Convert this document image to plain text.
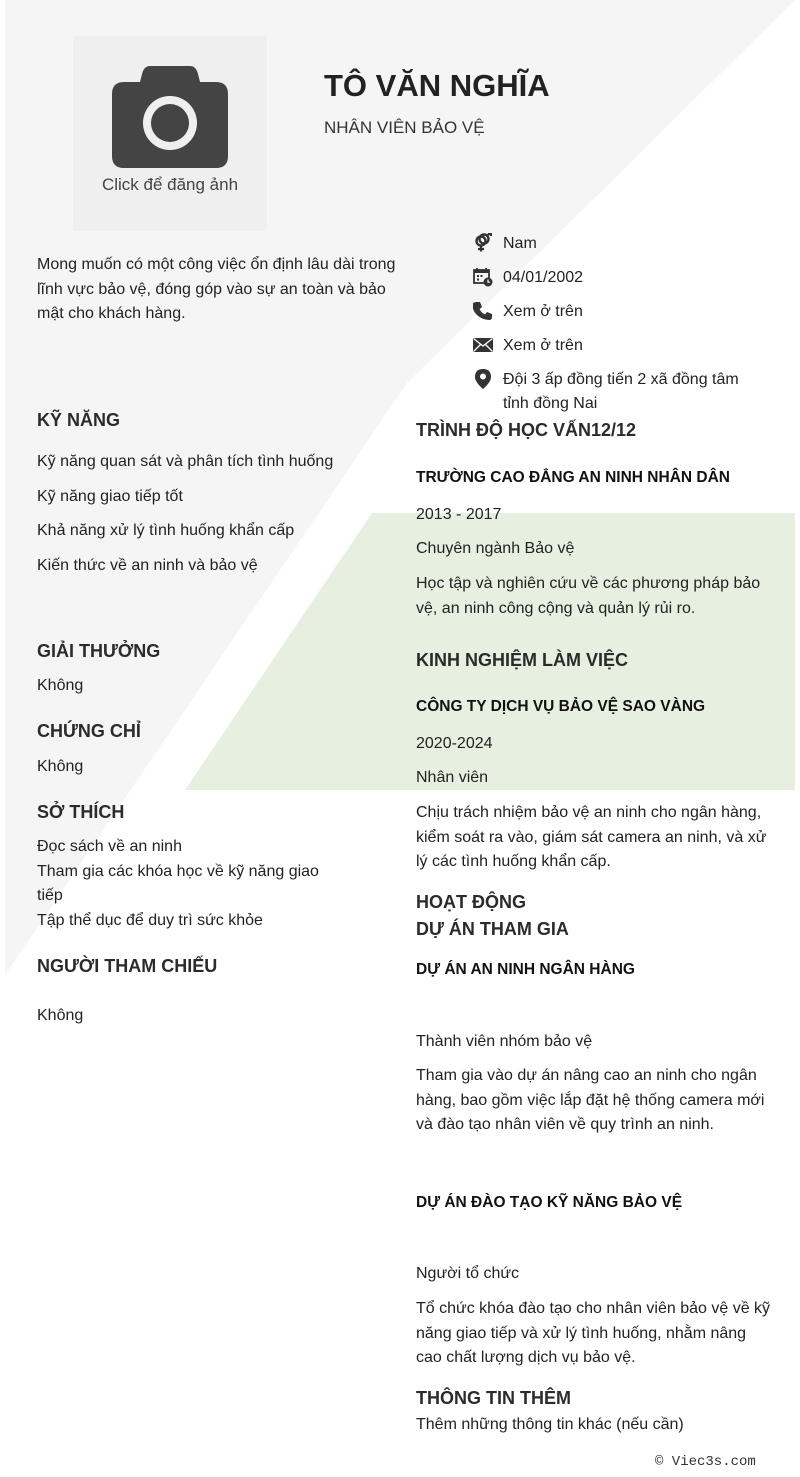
Click để đăng ảnh
TÔ VĂN NGHĨA
NHÂN VIÊN BẢO VỆ
Mong muốn có một công việc ổn định lâu dài trong lĩnh vực bảo vệ, đóng góp vào sự an toàn và bảo mật cho khách hàng.
Nam
04/01/2002
Xem ở trên
Xem ở trên
Đội 3 ấp đồng tiến 2 xã đồng tâm tỉnh đồng Nai
KỸ NĂNG
Kỹ năng quan sát và phân tích tình huống
Kỹ năng giao tiếp tốt
Khả năng xử lý tình huống khẩn cấp
Kiến thức về an ninh và bảo vệ
GIẢI THƯỞNG
Không
CHỨNG CHỈ
Không
SỞ THÍCH
Đọc sách về an ninh
Tham gia các khóa học về kỹ năng giao tiếp
Tập thể dục để duy trì sức khỏe
NGƯỜI THAM CHIẾU
Không
TRÌNH ĐỘ HỌC VẤN12/12
TRƯỜNG CAO ĐẲNG AN NINH NHÂN DÂN
2013 - 2017
Chuyên ngành Bảo vệ
Học tập và nghiên cứu về các phương pháp bảo vệ, an ninh công cộng và quản lý rủi ro.
KINH NGHIỆM LÀM VIỆC
CÔNG TY DỊCH VỤ BẢO VỆ SAO VÀNG
2020-2024
Nhân viên
Chịu trách nhiệm bảo vệ an ninh cho ngân hàng, kiểm soát ra vào, giám sát camera an ninh, và xử lý các tình huống khẩn cấp.
HOẠT ĐỘNG
DỰ ÁN THAM GIA
DỰ ÁN AN NINH NGÂN HÀNG
Thành viên nhóm bảo vệ
Tham gia vào dự án nâng cao an ninh cho ngân hàng, bao gồm việc lắp đặt hệ thống camera mới và đào tạo nhân viên về quy trình an ninh.
DỰ ÁN ĐÀO TẠO KỸ NĂNG BẢO VỆ
Người tổ chức
Tổ chức khóa đào tạo cho nhân viên bảo vệ về kỹ năng giao tiếp và xử lý tình huống, nhằm nâng cao chất lượng dịch vụ bảo vệ.
THÔNG TIN THÊM
Thêm những thông tin khác (nếu cần)
© Viec3s.com
